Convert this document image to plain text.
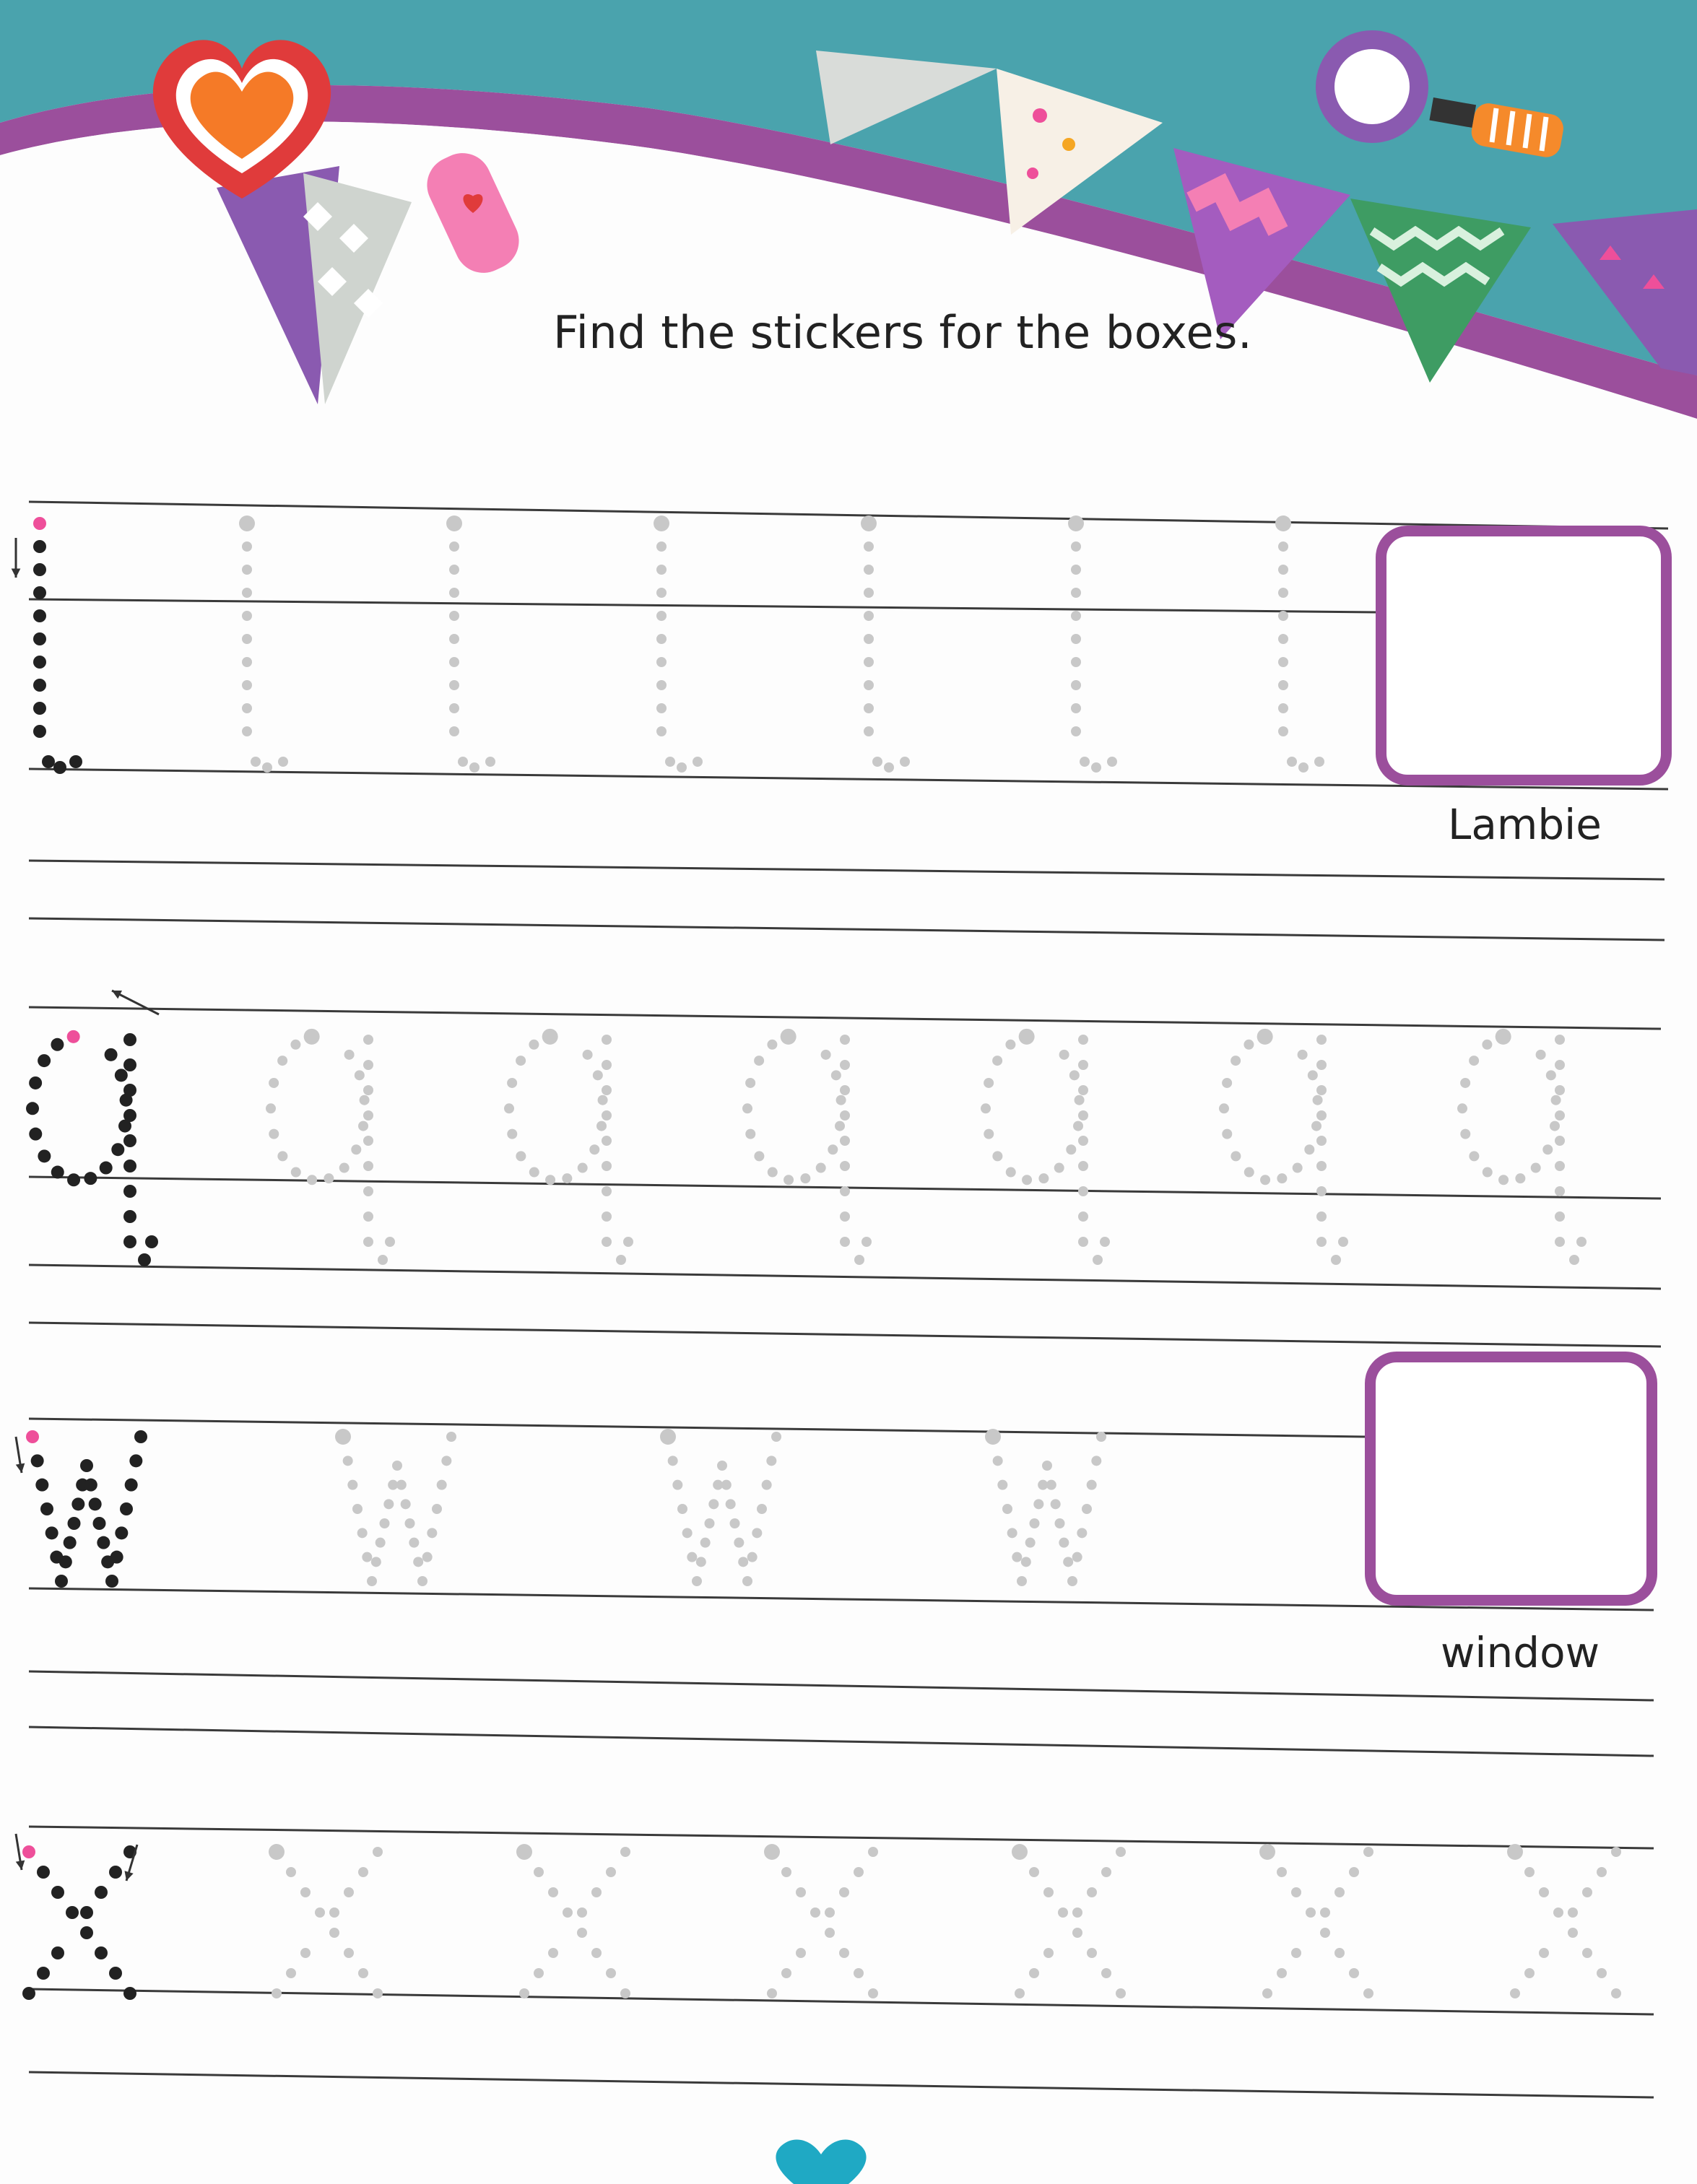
Find the stickers for the boxes.
Lambie
window
